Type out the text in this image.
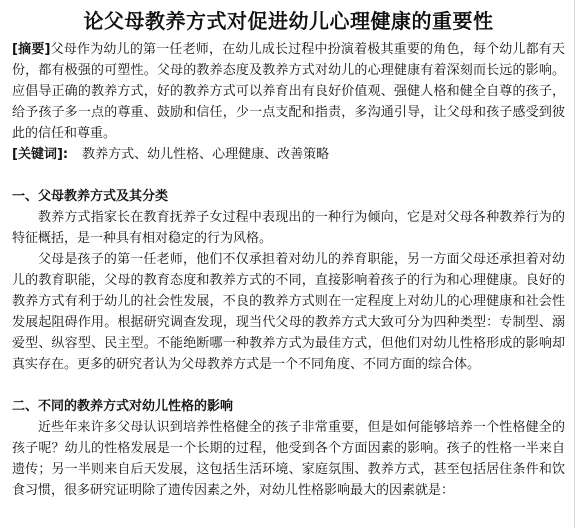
论父母教养方式对促进幼儿心理健康的重要性

[摘要]父母作为幼儿的第一任老师，在幼儿成长过程中扮演着极其重要的角色，每个幼儿都有天份，都有极强的可塑性。父母的教养态度及教养方式对幼儿的心理健康有着深刻而长远的影响。应倡导正确的教养方式，好的教养方式可以养育出有良好价值观、强健人格和健全自尊的孩子，给予孩子多一点的尊重、鼓励和信任，少一点支配和指责，多沟通引导，让父母和孩子感受到彼此的信任和尊重。

[关键词]: 教养方式、幼儿性格、心理健康、改善策略

一、父母教养方式及其分类

教养方式指家长在教育抚养子女过程中表现出的一种行为倾向，它是对父母各种教养行为的特征概括，是一种具有相对稳定的行为风格。

父母是孩子的第一任老师，他们不仅承担着对幼儿的养育职能，另一方面父母还承担着对幼儿的教育职能，父母的教育态度和教养方式的不同，直接影响着孩子的行为和心理健康。良好的教养方式有利于幼儿的社会性发展，不良的教养方式则在一定程度上对幼儿的心理健康和社会性发展起阻碍作用。根据研究调查发现，现当代父母的教养方式大致可分为四种类型：专制型、溺爱型、纵容型、民主型。不能绝断哪一种教养方式为最佳方式，但他们对幼儿性格形成的影响却真实存在。更多的研究者认为父母教养方式是一个不同角度、不同方面的综合体。

二、不同的教养方式对幼儿性格的影响

近些年来许多父母认识到培养性格健全的孩子非常重要，但是如何能够培养一个性格健全的孩子呢？幼儿的性格发展是一个长期的过程，他受到各个方面因素的影响。孩子的性格一半来自遗传；另一半则来自后天发展，这包括生活环境、家庭氛围、教养方式，甚至包括居住条件和饮食习惯，很多研究证明除了遗传因素之外，对幼儿性格影响最大的因素就是：
